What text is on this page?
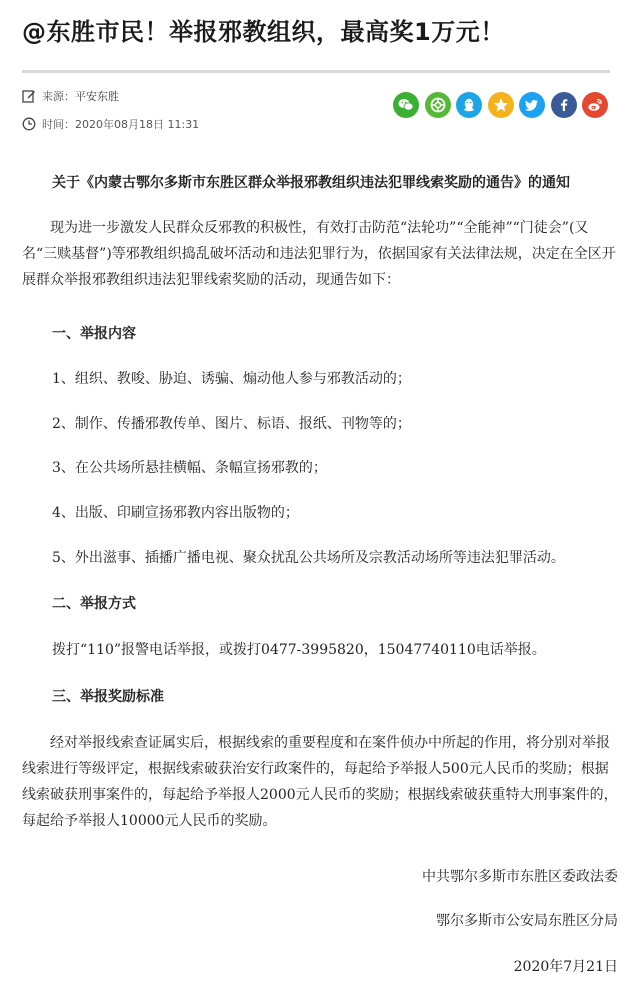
@东胜市民！举报邪教组织，最高奖1万元！
来源： 平安东胜
时间： 2020年08月18日 11:31
关于《内蒙古鄂尔多斯市东胜区群众举报邪教组织违法犯罪线索奖励的通告》的通知
现为进一步激发人民群众反邪教的积极性，有效打击防范“法轮功”“全能神”“门徒会”(又名“三赎基督”)等邪教组织捣乱破坏活动和违法犯罪行为，依据国家有关法律法规，决定在全区开展群众举报邪教组织违法犯罪线索奖励的活动，现通告如下：
一、举报内容
1、组织、教唆、胁迫、诱骗、煽动他人参与邪教活动的；
2、制作、传播邪教传单、图片、标语、报纸、刊物等的；
3、在公共场所悬挂横幅、条幅宣扬邪教的；
4、出版、印刷宣扬邪教内容出版物的；
5、外出滋事、插播广播电视、聚众扰乱公共场所及宗教活动场所等违法犯罪活动。
二、举报方式
拨打“110”报警电话举报，或拨打0477-3995820，15047740110电话举报。
三、举报奖励标准
经对举报线索查证属实后，根据线索的重要程度和在案件侦办中所起的作用，将分别对举报线索进行等级评定，根据线索破获治安行政案件的，每起给予举报人500元人民币的奖励；根据线索破获刑事案件的，每起给予举报人2000元人民币的奖励；根据线索破获重特大刑事案件的，每起给予举报人10000元人民币的奖励。
中共鄂尔多斯市东胜区委政法委
鄂尔多斯市公安局东胜区分局
2020年7月21日
